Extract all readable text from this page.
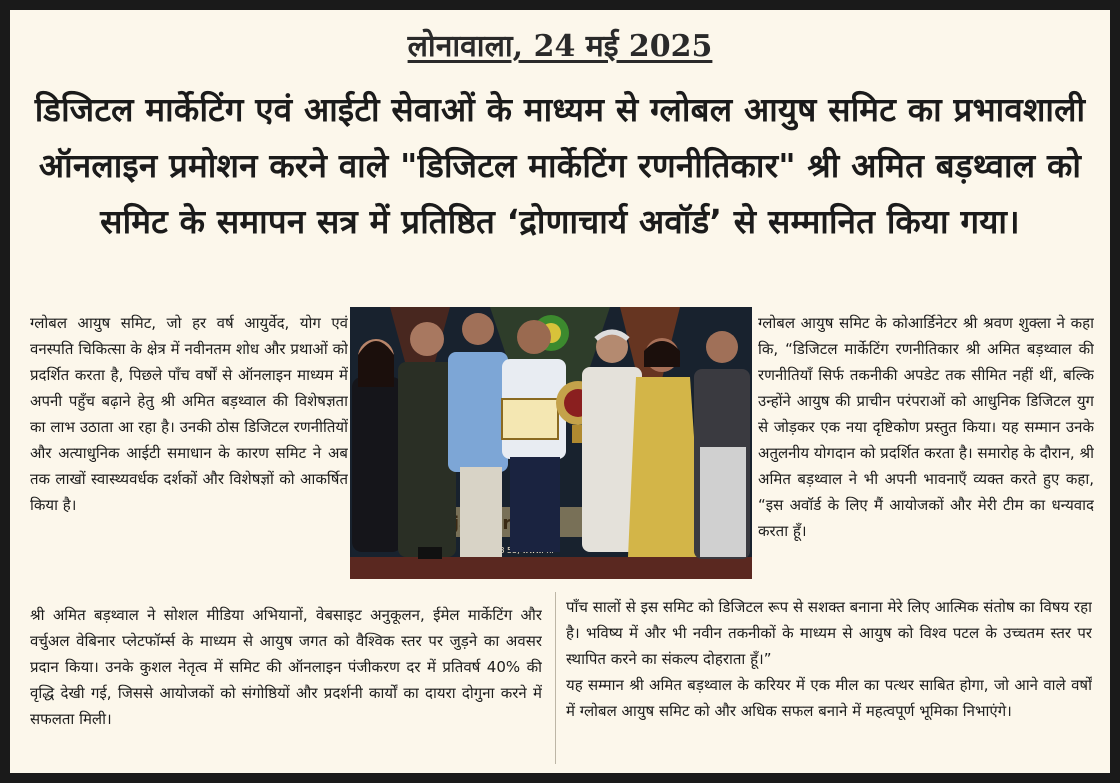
लोनावाला, 24 मई 2025
डिजिटल मार्केटिंग एवं आईटी सेवाओं के माध्यम से ग्लोबल आयुष समिट का प्रभावशाली ऑनलाइन प्रमोशन करने वाले "डिजिटल मार्केटिंग रणनीतिकार" श्री अमित बड़थ्वाल को समिट के समापन सत्र में प्रतिष्ठित ‘द्रोणाचार्य अवॉर्ड’ से सम्मानित किया गया।

ग्लोबल आयुष समिट, जो हर वर्ष आयुर्वेद, योग एवं वनस्पति चिकित्सा के क्षेत्र में नवीनतम शोध और प्रथाओं को प्रदर्शित करता है, पिछले पाँच वर्षों से ऑनलाइन माध्यम में अपनी पहुँच बढ़ाने हेतु श्री अमित बड़थ्वाल की विशेषज्ञता का लाभ उठाता आ रहा है। उनकी ठोस डिजिटल रणनीतियों और अत्याधुनिक आईटी समाधान के कारण समिट ने अब तक लाखों स्वास्थ्यवर्धक दर्शकों और विशेषज्ञों को आकर्षित किया है।

ग्लोबल आयुष समिट के कोआर्डिनेटर श्री श्रवण शुक्ला ने कहा कि, “डिजिटल मार्केटिंग रणनीतिकार श्री अमित बड़थ्वाल की रणनीतियाँ सिर्फ तकनीकी अपडेट तक सीमित नहीं थीं, बल्कि उन्होंने आयुष की प्राचीन परंपराओं को आधुनिक डिजिटल युग से जोड़कर एक नया दृष्टिकोण प्रस्तुत किया। यह सम्मान उनके अतुलनीय योगदान को प्रदर्शित करता है। समारोह के दौरान, श्री अमित बड़थ्वाल ने भी अपनी भावनाएँ व्यक्त करते हुए कहा, “इस अवॉर्ड के लिए मैं आयोजकों और मेरी टीम का धन्यवाद करता हूँ।

श्री अमित बड़थ्वाल ने सोशल मीडिया अभियानों, वेबसाइट अनुकूलन, ईमेल मार्केटिंग और वर्चुअल वेबिनार प्लेटफॉर्म्स के माध्यम से आयुष जगत को वैश्विक स्तर पर जुड़ने का अवसर प्रदान किया। उनके कुशल नेतृत्व में समिट की ऑनलाइन पंजीकरण दर में प्रतिवर्ष 40% की वृद्धि देखी गई, जिससे आयोजकों को संगोष्ठियों और प्रदर्शनी कार्यों का दायरा दोगुना करने में सफलता मिली।

पाँच सालों से इस समिट को डिजिटल रूप से सशक्त बनाना मेरे लिए आत्मिक संतोष का विषय रहा है। भविष्य में और भी नवीन तकनीकों के माध्यम से आयुष को विश्व पटल के उच्चतम स्तर पर स्थापित करने का संकल्प दोहराता हूँ।”

यह सम्मान श्री अमित बड़थ्वाल के करियर में एक मील का पत्थर साबित होगा, जो आने वाले वर्षों में ग्लोबल आयुष समिट को और अधिक सफल बनाने में महत्वपूर्ण भूमिका निभाएंगे।
